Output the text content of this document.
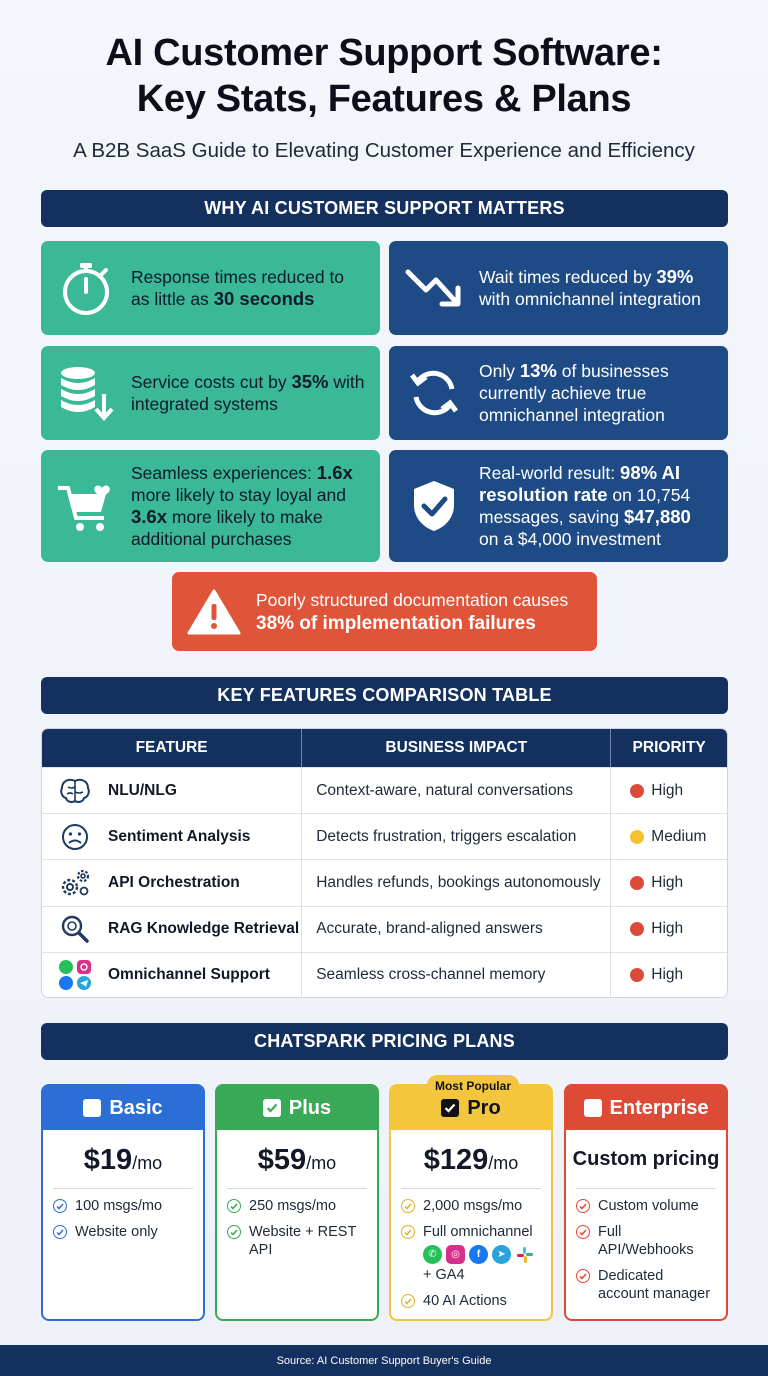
AI Customer Support Software:
Key Stats, Features & Plans
A B2B SaaS Guide to Elevating Customer Experience and Efficiency
WHY AI CUSTOMER SUPPORT MATTERS
Response times reduced to as little as 30 seconds
Wait times reduced by 39% with omnichannel integration
Service costs cut by 35% with integrated systems
Only 13% of businesses currently achieve true omnichannel integration
Seamless experiences: 1.6x more likely to stay loyal and 3.6x more likely to make additional purchases
Real-world result: 98% AI resolution rate on 10,754 messages, saving $47,880 on a $4,000 investment
Poorly structured documentation causes
38% of implementation failures
KEY FEATURES COMPARISON TABLE
FEATURE	BUSINESS IMPACT	PRIORITY
NLU/NLG	Context-aware, natural conversations	High
Sentiment Analysis	Detects frustration, triggers escalation	Medium
API Orchestration	Handles refunds, bookings autonomously	High
RAG Knowledge Retrieval	Accurate, brand-aligned answers	High
Omnichannel Support	Seamless cross-channel memory	High
CHATSPARK PRICING PLANS
Basic
$19 /mo
100 msgs/mo
Website only
Plus
$59 /mo
250 msgs/mo
Website + REST API
Most Popular
Pro
$129 /mo
2,000 msgs/mo
Full omnichannel
✆	◎	f	➤
+ GA4
40 AI Actions
Enterprise
Custom pricing
Custom volume
Full API/Webhooks
Dedicated account manager
Source: AI Customer Support Buyer's Guide
